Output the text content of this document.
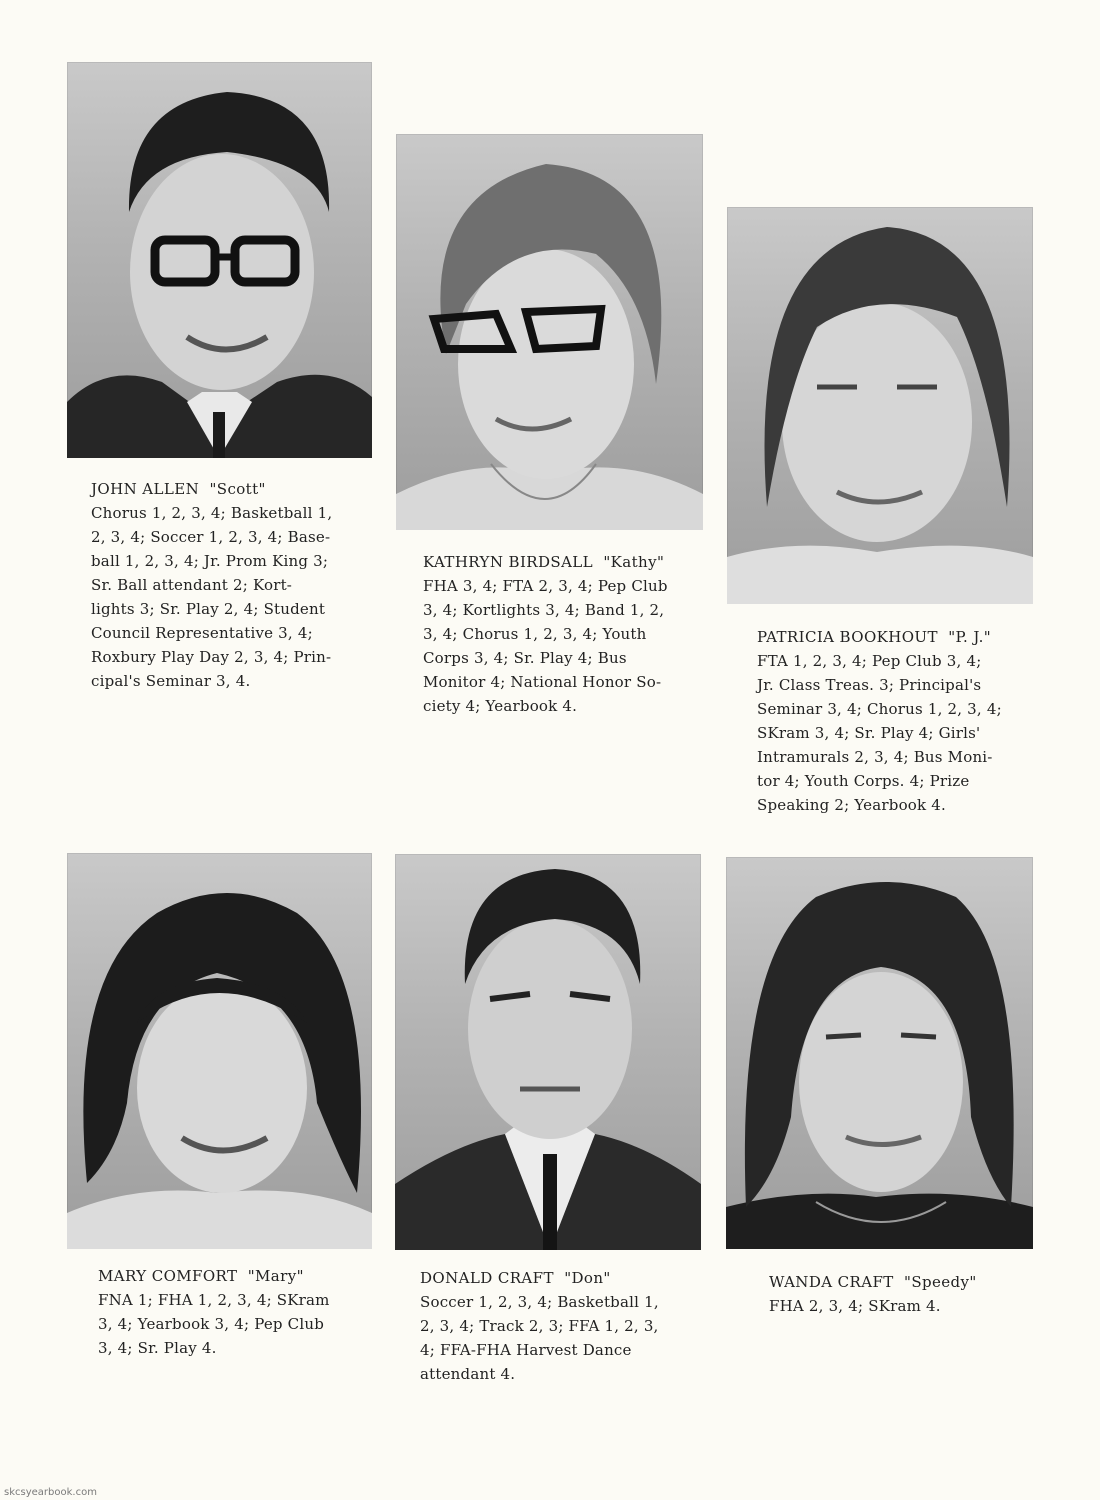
JOHN ALLEN "Scott"
Chorus 1, 2, 3, 4; Basketball 1,
2, 3, 4; Soccer 1, 2, 3, 4; Base-
ball 1, 2, 3, 4; Jr. Prom King 3;
Sr. Ball attendant 2; Kort-
lights 3; Sr. Play 2, 4; Student
Council Representative 3, 4;
Roxbury Play Day 2, 3, 4; Prin-
cipal's Seminar 3, 4.

KATHRYN BIRDSALL "Kathy"
FHA 3, 4; FTA 2, 3, 4; Pep Club
3, 4; Kortlights 3, 4; Band 1, 2,
3, 4; Chorus 1, 2, 3, 4; Youth
Corps 3, 4; Sr. Play 4; Bus
Monitor 4; National Honor So-
ciety 4; Yearbook 4.

PATRICIA BOOKHOUT "P. J."
FTA 1, 2, 3, 4; Pep Club 3, 4;
Jr. Class Treas. 3; Principal's
Seminar 3, 4; Chorus 1, 2, 3, 4;
SKram 3, 4; Sr. Play 4; Girls'
Intramurals 2, 3, 4; Bus Moni-
tor 4; Youth Corps. 4; Prize
Speaking 2; Yearbook 4.

MARY COMFORT "Mary"
FNA 1; FHA 1, 2, 3, 4; SKram
3, 4; Yearbook 3, 4; Pep Club
3, 4; Sr. Play 4.

DONALD CRAFT "Don"
Soccer 1, 2, 3, 4; Basketball 1,
2, 3, 4; Track 2, 3; FFA 1, 2, 3,
4; FFA-FHA Harvest Dance
attendant 4.

WANDA CRAFT "Speedy"
FHA 2, 3, 4; SKram 4.

skcsyearbook.com
